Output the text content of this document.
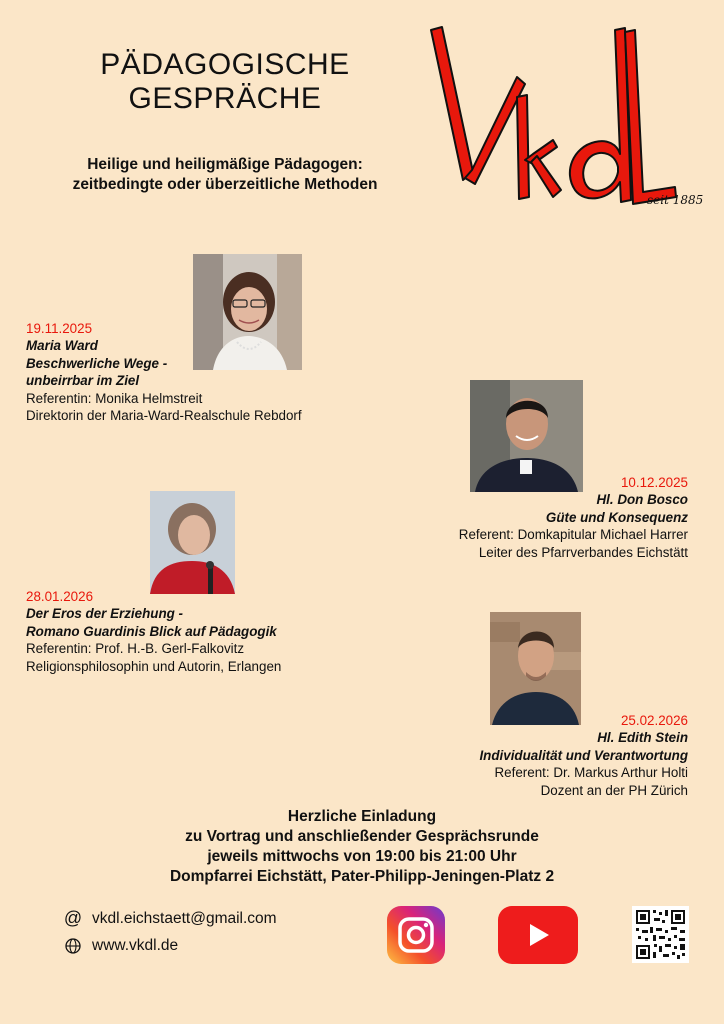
PÄDAGOGISCHE
GESPRÄCHE
Heilige und heiligmäßige Pädagogen:
zeitbedingte oder überzeitliche Methoden
seit 1885
19.11.2025
Maria Ward
Beschwerliche Wege -
unbeirrbar im Ziel
Referentin: Monika Helmstreit
Direktorin der Maria-Ward-Realschule Rebdorf
10.12.2025
Hl. Don Bosco
Güte und Konsequenz
Referent: Domkapitular Michael Harrer
Leiter des Pfarrverbandes Eichstätt
28.01.2026
Der Eros der Erziehung -
Romano Guardinis Blick auf Pädagogik
Referentin: Prof. H.-B. Gerl-Falkovitz
Religionsphilosophin und Autorin, Erlangen
25.02.2026
Hl. Edith Stein
Individualität und Verantwortung
Referent: Dr. Markus Arthur Holti
Dozent an der PH Zürich
Herzliche Einladung
zu Vortrag und anschließender Gesprächsrunde
jeweils mittwochs von 19:00 bis 21:00 Uhr
Dompfarrei Eichstätt, Pater-Philipp-Jeningen-Platz 2
@ vkdl.eichstaett@gmail.com
www.vkdl.de
